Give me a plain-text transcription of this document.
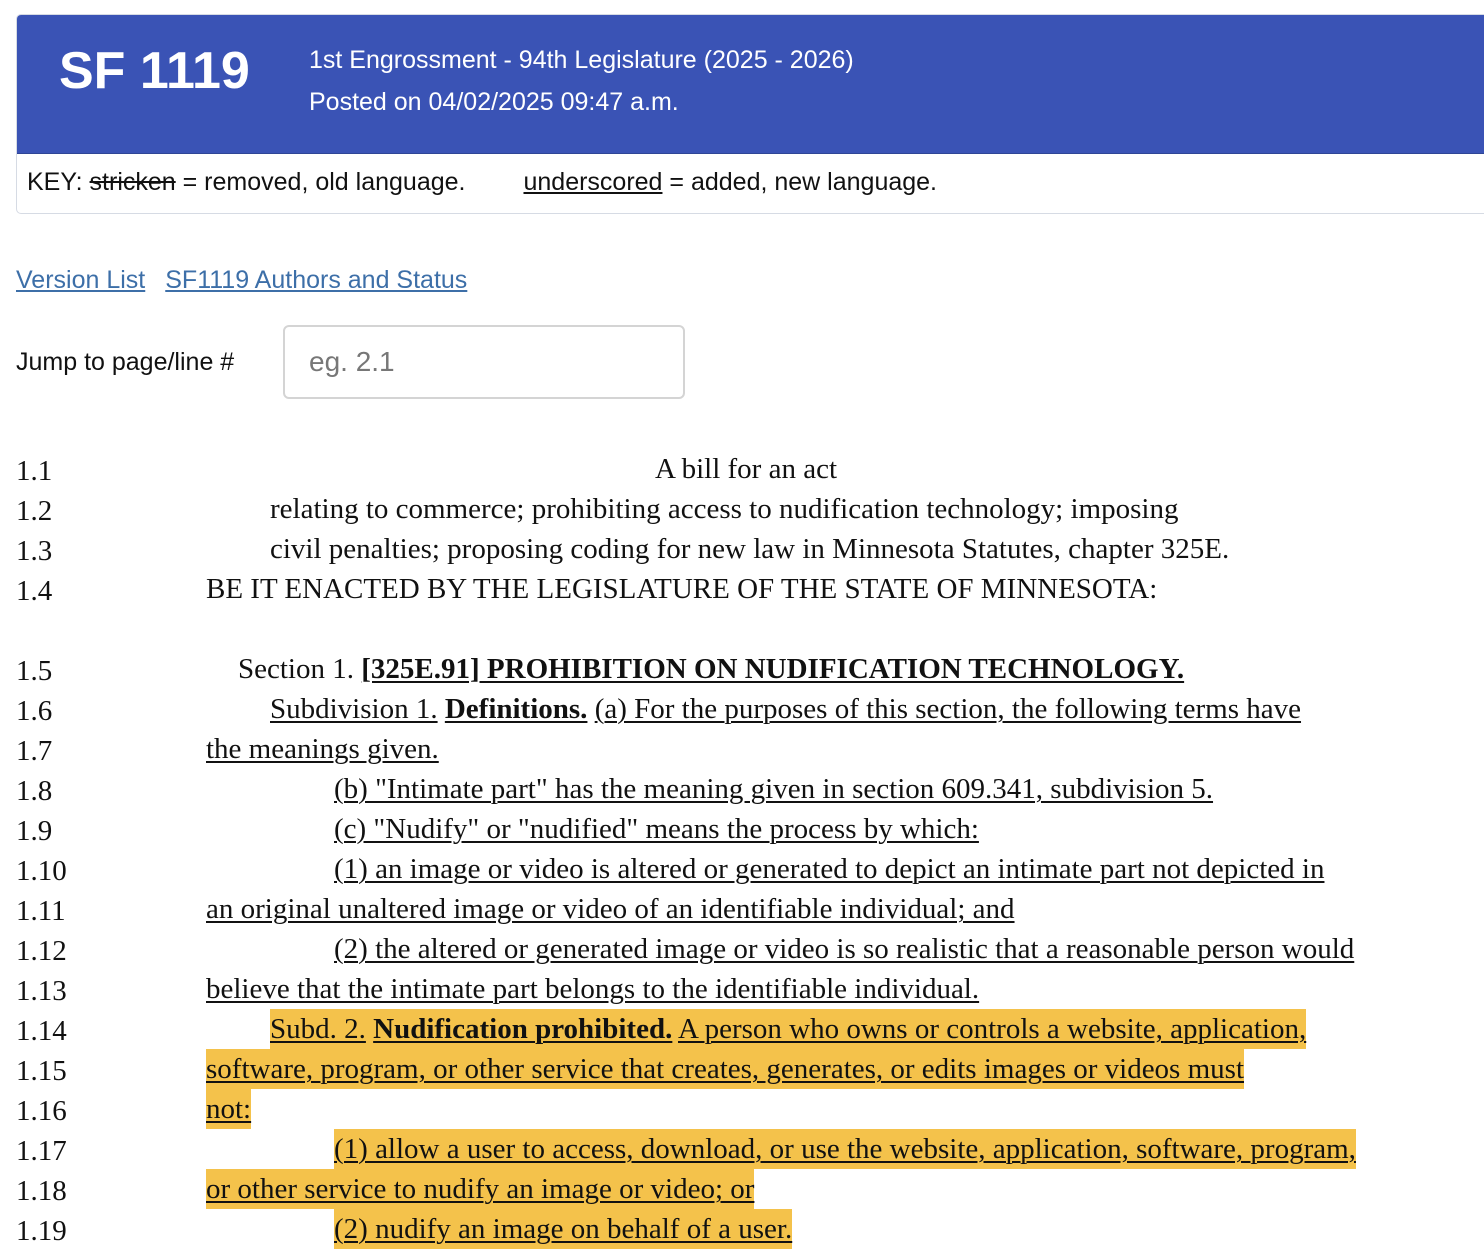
SF 1119 1st Engrossment - 94th Legislature (2025 - 2026)
Posted on 04/02/2025 09:47 a.m.
KEY: stricken = removed, old language. underscored = added, new language.
Version List SF1119 Authors and Status
Jump to page/line #
eg. 2.1
1.1	A bill for an act
1.2	relating to commerce; prohibiting access to nudification technology; imposing
1.3	civil penalties; proposing coding for new law in Minnesota Statutes, chapter 325E.
1.4	BE IT ENACTED BY THE LEGISLATURE OF THE STATE OF MINNESOTA:
1.5	Section 1. [325E.91] PROHIBITION ON NUDIFICATION TECHNOLOGY.
1.6	Subdivision 1. Definitions. (a) For the purposes of this section, the following terms have
1.7	the meanings given.
1.8	(b) "Intimate part" has the meaning given in section 609.341, subdivision 5.
1.9	(c) "Nudify" or "nudified" means the process by which:
1.10	(1) an image or video is altered or generated to depict an intimate part not depicted in
1.11	an original unaltered image or video of an identifiable individual; and
1.12	(2) the altered or generated image or video is so realistic that a reasonable person would
1.13	believe that the intimate part belongs to the identifiable individual.
1.14	Subd. 2. Nudification prohibited. A person who owns or controls a website, application,
1.15	software, program, or other service that creates, generates, or edits images or videos must
1.16	not:
1.17	(1) allow a user to access, download, or use the website, application, software, program,
1.18	or other service to nudify an image or video; or
1.19	(2) nudify an image on behalf of a user.
